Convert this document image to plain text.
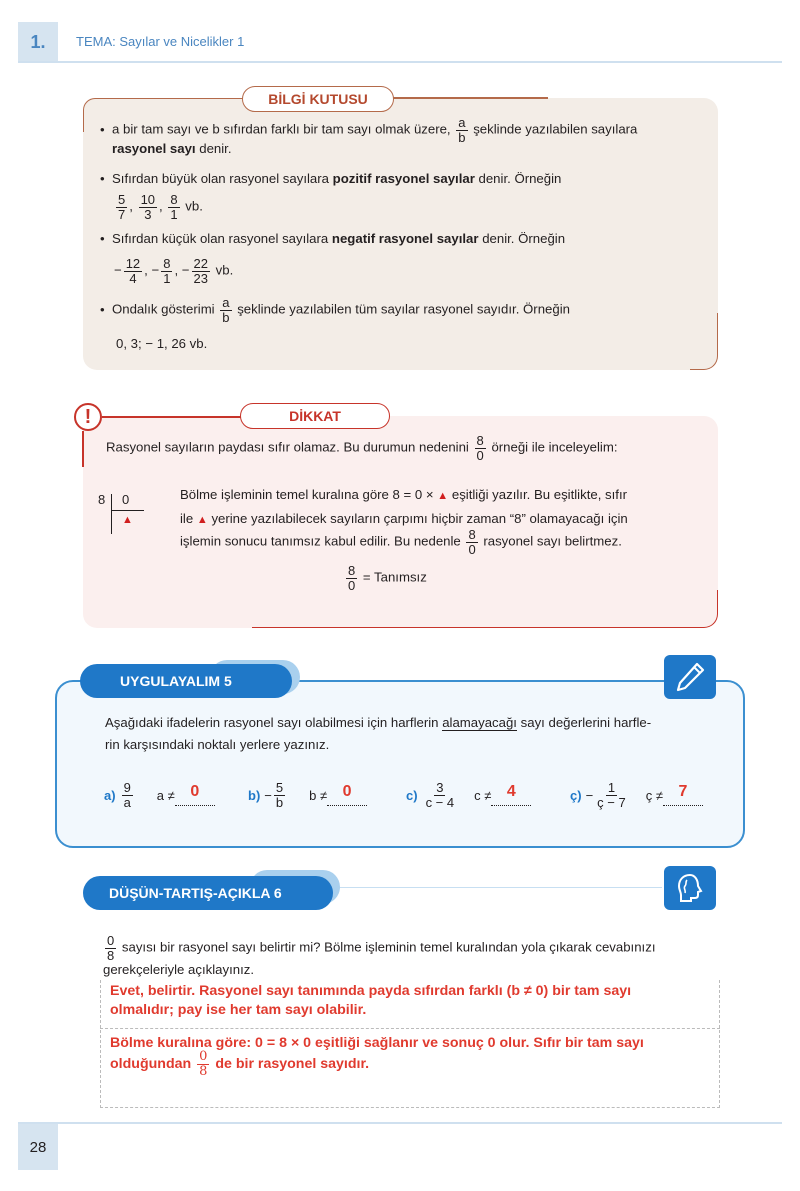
1.	TEMA: Sayılar ve Nicelikler 1
BİLGİ KUTUSU
• a bir tam sayı ve b sıfırdan farklı bir tam sayı olmak üzere, $\frac{a}{b}$ şeklinde yazılabilen sayılara
rasyonel sayı denir.
• Sıfırdan büyük olan rasyonel sayılara pozitif rasyonel sayılar denir. Örneğin
$\frac{5}{7}$ , $\frac{10}{3}$ , $\frac{8}{1}$ vb.
• Sıfırdan küçük olan rasyonel sayılara negatif rasyonel sayılar denir. Örneğin
− $\frac{12}{4}$ , − $\frac{8}{1}$ , − $\frac{22}{23}$ vb.
• Ondalık gösterimi $\frac{a}{b}$ şeklinde yazılabilen tüm sayılar rasyonel sayıdır. Örneğin
0, 3; − 1, 26 vb.
!	DİKKAT
Rasyonel sayıların paydası sıfır olamaz. Bu durumun nedenini $\frac{8}{0}$ örneği ile inceleyelim:
8 0
▲
Bölme işleminin temel kuralına göre 8 = 0 × ▲ eşitliği yazılır. Bu eşitlikte, sıfır
ile ▲ yerine yazılabilecek sayıların çarpımı hiçbir zaman “8” olamayacağı için
işlemin sonucu tanımsız kabul edilir. Bu nedenle $\frac{8}{0}$ rasyonel sayı belirtmez.
$\frac{8}{0}$ = Tanımsız
UYGULAYALIM 5
Aşağıdaki ifadelerin rasyonel sayı olabilmesi için harflerin alamayacağı sayı değerlerini harfle-
rin karşısındaki noktalı yerlere yazınız.
$a) \frac{9}{a}$ a ≠ 0	$b) - \frac{5}{b}$ b ≠ 0	$c) \frac{3}{c - 4}$ c ≠ 4	ç) − $\frac{1}{ç - 7}$ ç ≠ 7
DÜŞÜN-TARTIŞ-AÇIKLA 6
$\frac{0}{8}$ sayısı bir rasyonel sayı belirtir mi? Bölme işleminin temel kuralından yola çıkarak cevabınızı
gerekçeleriyle açıklayınız.
Evet, belirtir. Rasyonel sayı tanımında payda sıfırdan farklı (b ≠ 0) bir tam sayı
olmalıdır; pay ise her tam sayı olabilir.
Bölme kuralına göre: 0 = 8 × 0 eşitliği sağlanır ve sonuç 0 olur. Sıfır bir tam sayı
olduğundan $\frac{0}{8}$ de bir rasyonel sayıdır.
28
